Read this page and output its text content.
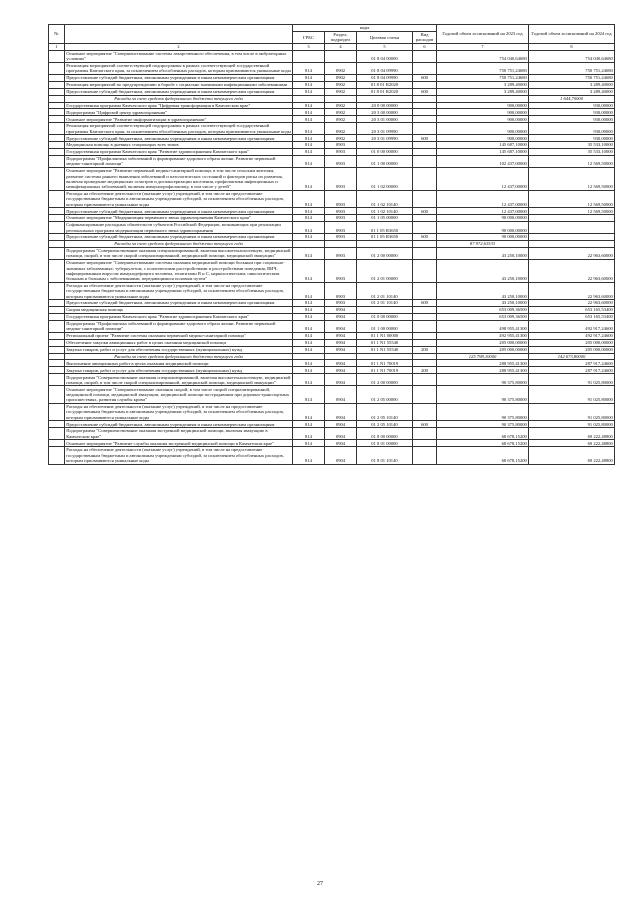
№		коды				Годовой объем ассигнований на 2023 год	Годовой объем ассигнований на 2024 год
		ГРБС	Раздел, подраздел	Целевая статья	Вид расходов		
1	2	3	4	5	6	7	8
	Основное мероприятие "Совершенствование системы лекарственного обеспечения, в том числе в амбулаторных условиях"			01 8 04 00000		754 040,64680	754 040,64680
	Реализация мероприятий соответствующей подпрограммы в рамках соответствующей государственной программы Камчатского края, за исключением обособленных расходов, которым присваиваются уникальные коды	814	0902	01 8 04 09990		750 751,24680	750 751,24680
	Предоставление субсидий бюджетным, автономным учреждениям и иным некоммерческим организациям	814	0902	01 8 04 09990	600	750 751,24680	750 751,24680
	Реализация мероприятий по предупреждению и борьбе с социально значимыми инфекционными заболеваниями	814	0902	01 8 01 R2020		3 289,40000	3 289,40000
	Предоставление субсидий бюджетным, автономным учреждениям и иным некоммерческим организациям	814	0902	01 8 01 R2020	600	3 289,40000	3 289,40000
	Расходы за счет средств федерального бюджета текущего года						1 644,70000
	Государственная программа Камчатского края "Цифровая трансформация в Камчатском крае"	814	0902	20 0 00 00000		900,00000	930,00000
	Подпрограмма "Цифровой центр здравоохранения"	814	0902	20 3 00 00000		900,00000	930,00000
	Основное мероприятие "Развитие информатизации в здравоохранении"	814	0902	20 3 01 00000		900,00000	930,00000
	Реализация мероприятий соответствующей подпрограммы в рамках соответствующей государственной программы Камчатского края, за исключением обособленных расходов, которым присваиваются уникальные коды	814	0902	20 3 01 09990		900,00000	930,00000
	Предоставление субсидий бюджетным, автономным учреждениям и иным некоммерческим организациям	814	0902	20 3 01 09990	600	900,00000	930,00000
	Медицинская помощь в дневных стационарах всех типов	814	0903			145 687,10000	35 533,10000
	Государственная программа Камчатского края "Развитие здравоохранения Камчатского края"	814	0903	01 0 00 00000		145 687,10000	35 533,10000
	Подпрограмма "Профилактика заболеваний и формирование здорового образа жизни. Развитие первичной медико-санитарной помощи"	814	0903	01 1 00 00000		102 437,00000	12 569,50000
	Основное мероприятие "Развитие первичной медико-санитарной помощи, в том числе сельским жителям, развитие системы раннего выявления заболеваний и патологических состояний и факторов риска их развития, включая проведение медицинских осмотров и диспансеризации населения, профилактики инфекционных и неинфекционных заболеваний, включая иммунопрофилактику, в том числе у детей"	814	0903	01 1 02 00000		12 437,00000	12 569,50000
	Расходы на обеспечение деятельности (оказание услуг) учреждений, в том числе на предоставление государственным бюджетным и автономным учреждениям субсидий, за исключением обособленных расходов, которым присваиваются уникальные коды	814	0903	01 1 02 10140		12 437,00000	12 569,50000
	Предоставление субсидий бюджетным, автономным учреждениям и иным некоммерческим организациям	814	0903	01 1 02 10140	600	12 437,00000	12 569,50000
	Основное мероприятие "Модернизация первичного звена здравоохранения Камчатского края"	814	0903	01 1 05 00000		90 000,00000	
	Софинансирование расходных обязательств субъектов Российской Федерации, возникающих при реализации региональных программ модернизации первичного звена здравоохранения	814	0903	01 1 05 R3650		90 000,00000	
	Предоставление субсидий бюджетным, автономным учреждениям и иным некоммерческим организациям	814	0903	01 1 05 R3650	600	90 000,00000	
	Расходы за счет средств федерального бюджета текущего года					87 972,63533	
	Подпрограмма "Совершенствование оказания специализированной, включая высокотехнологичную, медицинской помощи, скорой, в том числе скорой специализированной, медицинской помощи, медицинской эвакуации"	814	0903	01 2 00 00000		43 250,10000	22 963,60000
	Основное мероприятие "Совершенствование системы оказания медицинской помощи больным при социально-значимых заболеваниях: туберкулезом, с психическими расстройствами и расстройствами поведения, ВИЧ, инфицированным вирусом иммунодефицита человека, гепатитами В и С, наркологическим, онкологическим больным и больным с заболеваниями, передающимися половым путем"	814	0903	01 2 01 00000		43 250,10000	22 963,60000
	Расходы на обеспечение деятельности (оказание услуг) учреждений, в том числе на предоставление государственным бюджетным и автономным учреждениям субсидий, за исключением обособленных расходов, которым присваиваются уникальные коды	814	0903	01 2 01 10140		43 250,10000	22 963,60000
	Предоставление субсидий бюджетным, автономным учреждениям и иным некоммерческим организациям	814	0903	01 2 01 10140	600	43 250,10000	22 963,60000
	Скорая медицинская помощь	814	0904			653 009,36500	653 165,53400
	Государственная программа Камчатского края "Развитие здравоохранения Камчатского края"	814	0904	01 0 00 00000		653 009,36500	653 165,53400
	Подпрограмма "Профилактика заболеваний и формирование здорового образа жизни. Развитие первичной медико-санитарной помощи"	814	0904	01 1 00 00000		498 955,41300	492 917,24600
	Региональный проект "Развитие системы оказания первичной медико-санитарной помощи"	814	0904	01 1 N1 00000		492 955,41300	492 917,24600
	Обеспечение закупки авиационных работ в целях оказания медицинской помощи	814	0904	01 1 N1 55540		205 000,00000	205 000,00000
	Закупка товаров, работ и услуг для обеспечения государственных (муниципальных) нужд	814	0904	01 1 N1 55540	200	205 000,00000	205 000,00000
	Расходы за счет средств федерального бюджета текущего года					125 798,10000	142 673,80000
	Выполнение авиационных работ в целях оказания медицинской помощи	814	0904	01 1 N1 70019		288 955,41300	287 917,24600
	Закупка товаров, работ и услуг для обеспечения государственных (муниципальных) нужд	814	0904	01 1 N1 70019	200	288 955,41300	287 917,24600
	Подпрограмма "Совершенствование оказания специализированной, включая высокотехнологичную, медицинской помощи, скорой, в том числе скорой специализированной, медицинской помощи, медицинской эвакуации"	814	0904	01 2 00 00000		90 375,80000	91 025,80000
	Основное мероприятие "Совершенствование оказания скорой, в том числе скорой специализированной, медицинской помощи, медицинской эвакуации, медицинской помощи пострадавшим при дорожно-транспортных происшествиях, развития службы крови"	814	0904	01 2 05 00000		90 375,80000	91 025,80000
	Расходы на обеспечение деятельности (оказание услуг) учреждений, в том числе на предоставление государственным бюджетным и автономным учреждениям субсидий, за исключением обособленных расходов, которым присваиваются уникальные коды	814	0904	01 2 05 10140		90 375,80000	91 025,80000
	Предоставление субсидий бюджетным, автономным учреждениям и иным некоммерческим организациям	814	0904	01 2 05 10140	600	90 375,80000	91 025,80000
	Подпрограмма "Совершенствование оказания экстренной медицинской помощи, включая эвакуацию в Камчатском крае"	814	0904	01 8 00 00000		68 678,15200	69 222,48800
	Основное мероприятие "Развитие службы оказания экстренной медицинской помощи в Камчатском крае"	814	0904	01 8 01 00000		68 678,15200	69 222,48800
	Расходы на обеспечение деятельности (оказание услуг) учреждений, в том числе на предоставление государственным бюджетным и автономным учреждениям субсидий, за исключением обособленных расходов, которым присваиваются уникальные коды	814	0904	01 8 01 10140		68 678,15200	69 222,48800
27
